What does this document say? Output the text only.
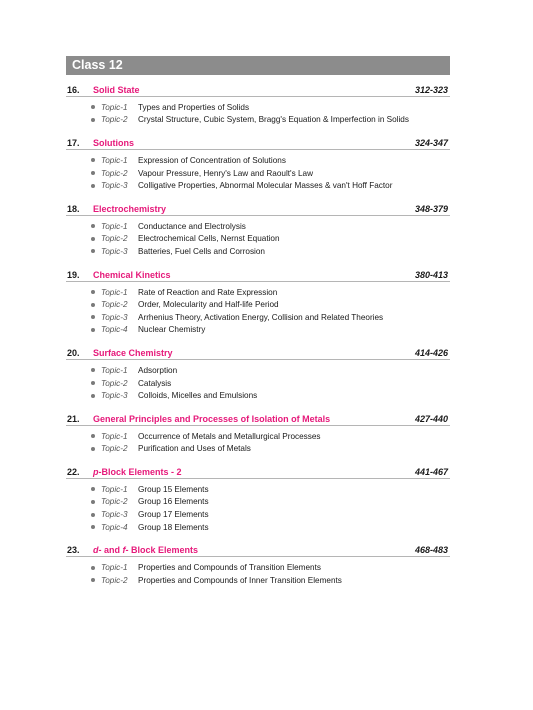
Class 12
16.	Solid State	312-323
Topic-1	Types and Properties of Solids
Topic-2	Crystal Structure, Cubic System, Bragg's Equation & Imperfection in Solids
17.	Solutions	324-347
Topic-1	Expression of Concentration of Solutions
Topic-2	Vapour Pressure, Henry's Law and Raoult's Law
Topic-3	Colligative Properties, Abnormal Molecular Masses & van't Hoff Factor
18.	Electrochemistry	348-379
Topic-1	Conductance and Electrolysis
Topic-2	Electrochemical Cells, Nernst Equation
Topic-3	Batteries, Fuel Cells and Corrosion
19.	Chemical Kinetics	380-413
Topic-1	Rate of Reaction and Rate Expression
Topic-2	Order, Molecularity and Half-life Period
Topic-3	Arrhenius Theory, Activation Energy, Collision and Related Theories
Topic-4	Nuclear Chemistry
20.	Surface Chemistry	414-426
Topic-1	Adsorption
Topic-2	Catalysis
Topic-3	Colloids, Micelles and Emulsions
21.	General Principles and Processes of Isolation of Metals	427-440
Topic-1	Occurrence of Metals and Metallurgical Processes
Topic-2	Purification and Uses of Metals
22.	p-Block Elements - 2	441-467
Topic-1	Group 15 Elements
Topic-2	Group 16 Elements
Topic-3	Group 17 Elements
Topic-4	Group 18 Elements
23.	d- and f- Block Elements	468-483
Topic-1	Properties and Compounds of Transition Elements
Topic-2	Properties and Compounds of Inner Transition Elements
